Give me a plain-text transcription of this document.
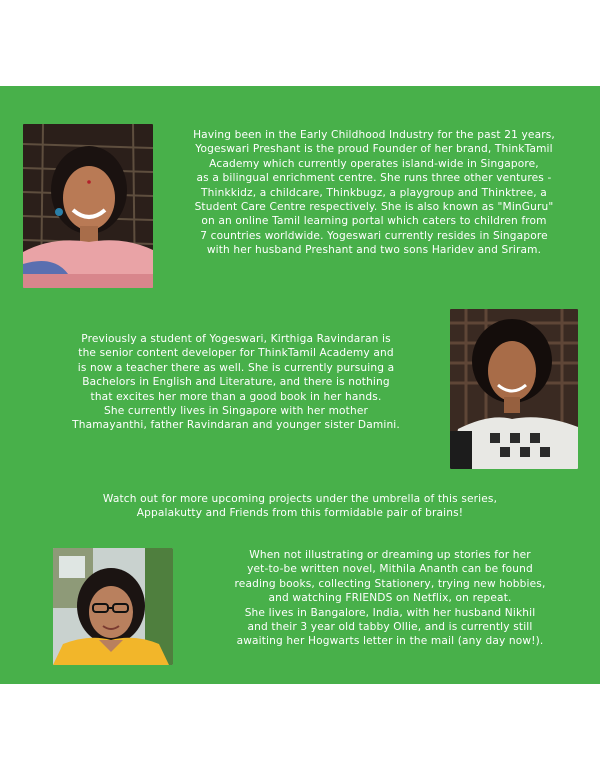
Having been in the Early Childhood Industry for the past 21 years,

Yogeswari Preshant is the proud Founder of her brand, ThinkTamil

Academy which currently operates island-wide in Singapore,

as a bilingual enrichment centre. She runs three other ventures -

Thinkkidz, a childcare, Thinkbugz, a playgroup and Thinktree, a

Student Care Centre respectively. She is also known as "MinGuru"

on an online Tamil learning portal which caters to children from

7 countries worldwide. Yogeswari currently resides in Singapore

with her husband Preshant and two sons Haridev and Sriram.

Previously a student of Yogeswari, Kirthiga Ravindaran is

the senior content developer for ThinkTamil Academy and

is now a teacher there as well. She is currently pursuing a

Bachelors in English and Literature, and there is nothing

that excites her more than a good book in her hands.

She currently lives in Singapore with her mother

Thamayanthi, father Ravindaran and younger sister Damini.

Watch out for more upcoming projects under the umbrella of this series,

Appalakutty and Friends from this formidable pair of brains!

When not illustrating or dreaming up stories for her

yet-to-be written novel, Mithila Ananth can be found

reading books, collecting Stationery, trying new hobbies,

and watching FRIENDS on Netflix, on repeat.

She lives in Bangalore, India, with her husband Nikhil

and their 3 year old tabby Ollie, and is currently still

awaiting her Hogwarts letter in the mail (any day now!).
